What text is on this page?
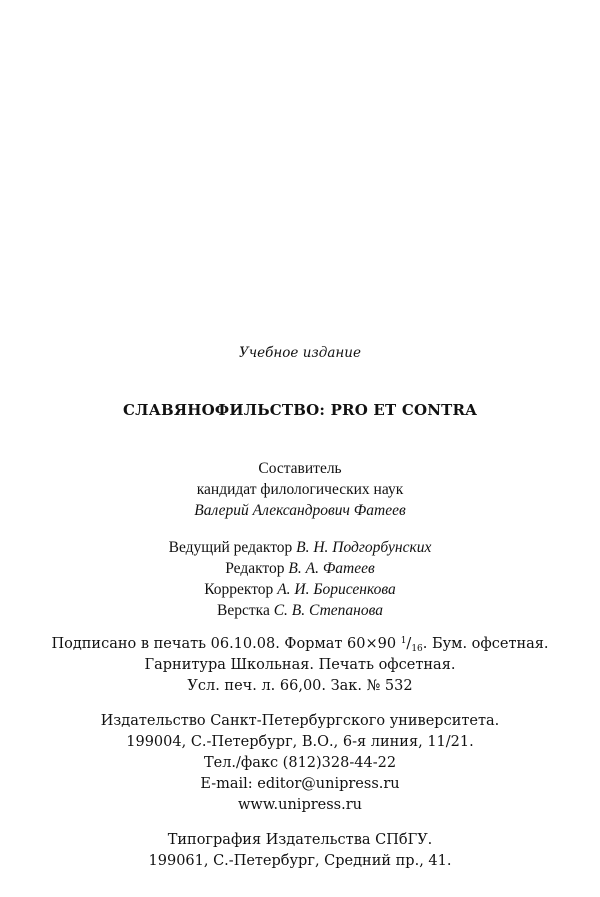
Учебное издание
СЛАВЯНОФИЛЬСТВО: PRO ET CONTRA
Составитель
кандидат филологических наук
Валерий Александрович Фатеев
Ведущий редактор В. Н. Подгорбунских
Редактор В. А. Фатеев
Корректор А. И. Борисенкова
Верстка С. В. Степанова
Подписано в печать 06.10.08. Формат 60×90 $^1/_{16}$. Бум. офсетная.
Гарнитура Школьная. Печать офсетная.
Усл. печ. л. 66,00. Зак. № 532
Издательство Санкт-Петербургского университета.
199004, С.-Петербург, В.О., 6-я линия, 11/21.
Тел./факс (812)328-44-22
E-mail: editor@unipress.ru
www.unipress.ru
Типография Издательства СПбГУ.
199061, С.-Петербург, Средний пр., 41.
